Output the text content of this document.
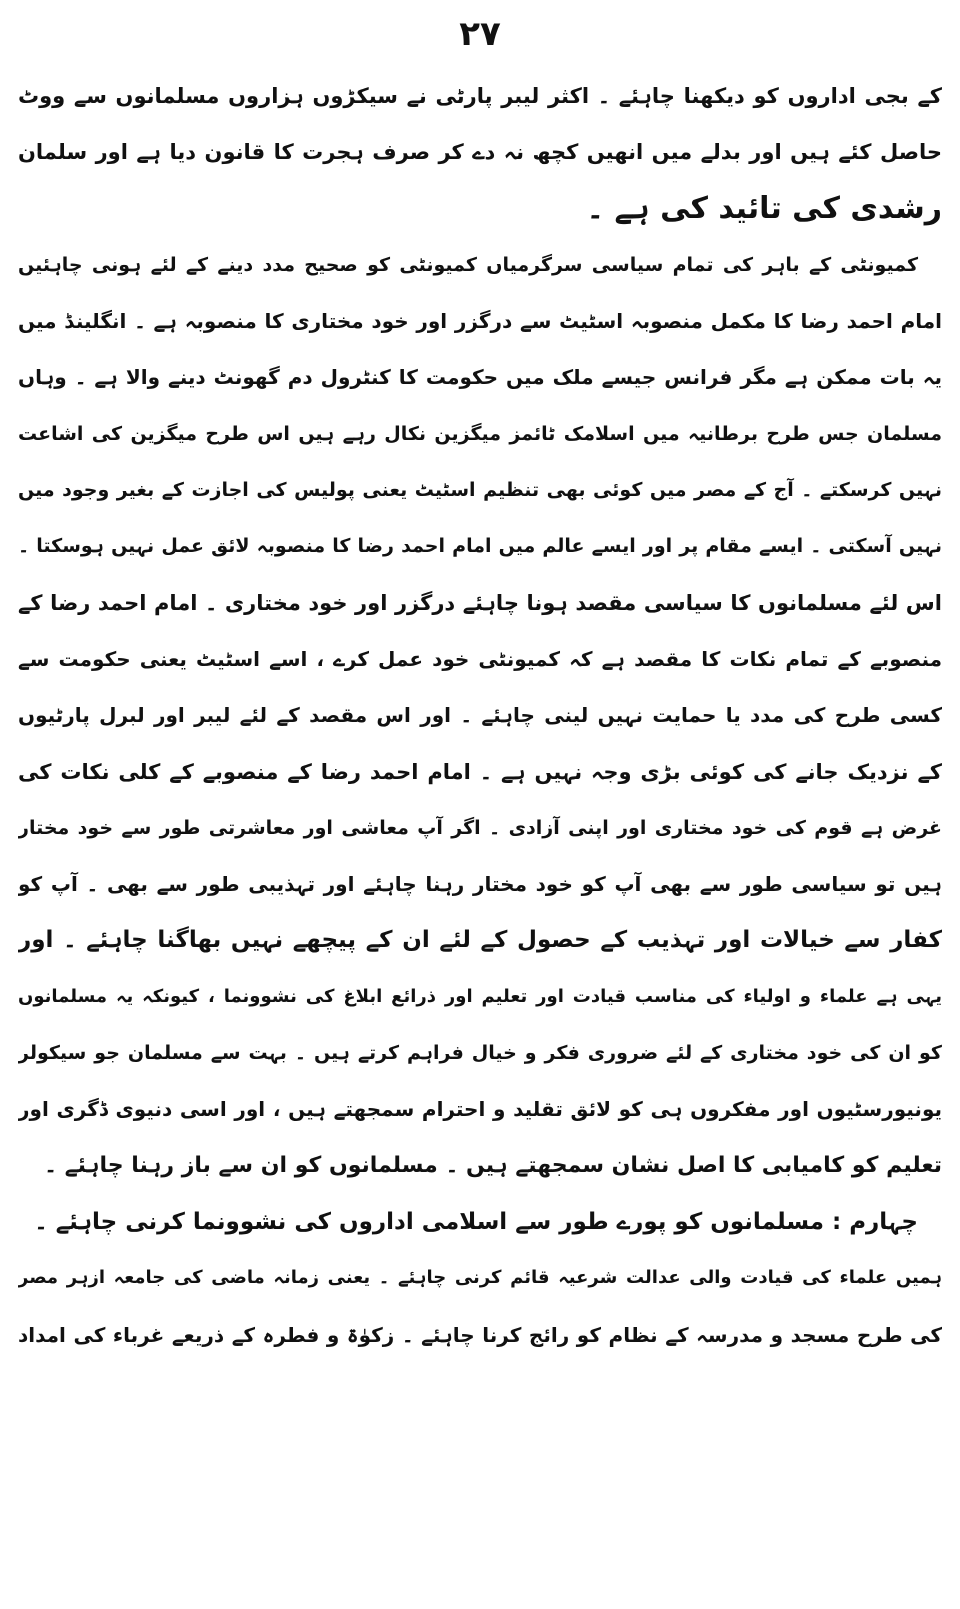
۲۷
کے بجی اداروں کو دیکھنا چاہئے ۔ اکثر لیبر پارٹی نے سیکڑوں ہزاروں مسلمانوں سے ووٹ
حاصل کئے ہیں اور بدلے میں انھیں کچھ نہ دے کر صرف ہجرت کا قانون دیا ہے اور سلمان
رشدی کی تائید کی ہے ۔
کمیونٹی کے باہر کی تمام سیاسی سرگرمیاں کمیونٹی کو صحیح مدد دینے کے لئے ہونی چاہئیں
امام احمد رضا کا مکمل منصوبہ اسٹیٹ سے درگزر اور خود مختاری کا منصوبہ ہے ۔ انگلینڈ میں
یہ بات ممکن ہے مگر فرانس جیسے ملک میں حکومت کا کنٹرول دم گھونٹ دینے والا ہے ۔ وہاں
مسلمان جس طرح برطانیہ میں اسلامک ٹائمز میگزین نکال رہے ہیں اس طرح میگزین کی اشاعت
نہیں کرسکتے ۔ آج کے مصر میں کوئی بھی تنظیم اسٹیٹ یعنی پولیس کی اجازت کے بغیر وجود میں
نہیں آسکتی ۔ ایسے مقام پر اور ایسے عالم میں امام احمد رضا کا منصوبہ لائق عمل نہیں ہوسکتا ۔
اس لئے مسلمانوں کا سیاسی مقصد ہونا چاہئے درگزر اور خود مختاری ۔ امام احمد رضا کے
منصوبے کے تمام نکات کا مقصد ہے کہ کمیونٹی خود عمل کرے ، اسے اسٹیٹ یعنی حکومت سے
کسی طرح کی مدد یا حمایت نہیں لینی چاہئے ۔ اور اس مقصد کے لئے لیبر اور لبرل پارٹیوں
کے نزدیک جانے کی کوئی بڑی وجہ نہیں ہے ۔ امام احمد رضا کے منصوبے کے کلی نکات کی
غرض ہے قوم کی خود مختاری اور اپنی آزادی ۔ اگر آپ معاشی اور معاشرتی طور سے خود مختار
ہیں تو سیاسی طور سے بھی آپ کو خود مختار رہنا چاہئے اور تہذیبی طور سے بھی ۔ آپ کو
کفار سے خیالات اور تہذیب کے حصول کے لئے ان کے پیچھے نہیں بھاگنا چاہئے ۔ اور
یہی ہے علماء و اولیاء کی مناسب قیادت اور تعلیم اور ذرائع ابلاغ کی نشوونما ، کیونکہ یہ مسلمانوں
کو ان کی خود مختاری کے لئے ضروری فکر و خیال فراہم کرتے ہیں ۔ بہت سے مسلمان جو سیکولر
یونیورسٹیوں اور مفکروں ہی کو لائق تقلید و احترام سمجھتے ہیں ، اور اسی دنیوی ڈگری اور
تعلیم کو کامیابی کا اصل نشان سمجھتے ہیں ۔ مسلمانوں کو ان سے باز رہنا چاہئے ۔
چہارم : مسلمانوں کو پورے طور سے اسلامی اداروں کی نشوونما کرنی چاہئے ۔
ہمیں علماء کی قیادت والی عدالت شرعیہ قائم کرنی چاہئے ۔ یعنی زمانہ ماضی کی جامعہ ازہر مصر
کی طرح مسجد و مدرسہ کے نظام کو رائج کرنا چاہئے ۔ زکوٰۃ و فطرہ کے ذریعے غرباء کی امداد
